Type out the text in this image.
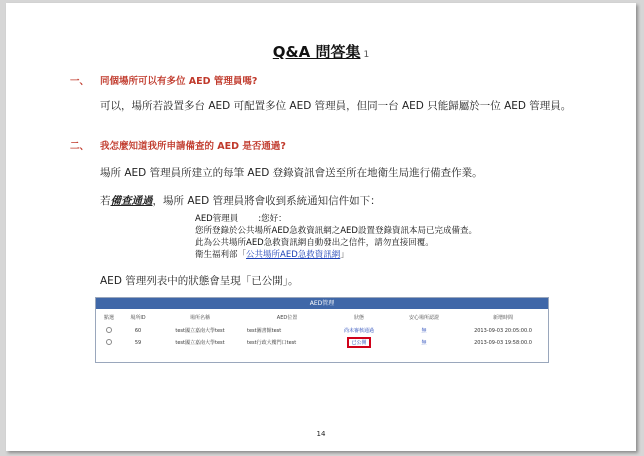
Q&A 問答集 1
一、 同個場所可以有多位 AED 管理員嗎?
可以，場所若設置多台 AED 可配置多位 AED 管理員，但同一台 AED 只能歸屬於一位 AED 管理員。
二、 我怎麼知道我所申請備查的 AED 是否通過?
場所 AED 管理員所建立的每筆 AED 登錄資訊會送至所在地衛生局進行備查作業。
若備查通過，場所 AED 管理員將會收到系統通知信件如下：
AED管理員 :您好：
您所登錄於公共場所AED急救資訊網之AED設置登錄資訊本局已完成備查。
此為公共場所AED急救資訊網自動發出之信件，請勿直接回覆。
衛生福利部「公共場所AED急救資訊網」
AED 管理列表中的狀態會呈現「已公開」。
AED管理
點選	場所ID	場所名稱	AED位置	狀態	安心場所認證	新增時間
	60	test國立嘉南大學test	test圖書館test	尚未審核通過	無	2013-09-03 20:05:00.0
	59	test國立嘉南大學test	test行政大樓門口test	已公開	無	2013-09-03 19:58:00.0
14
